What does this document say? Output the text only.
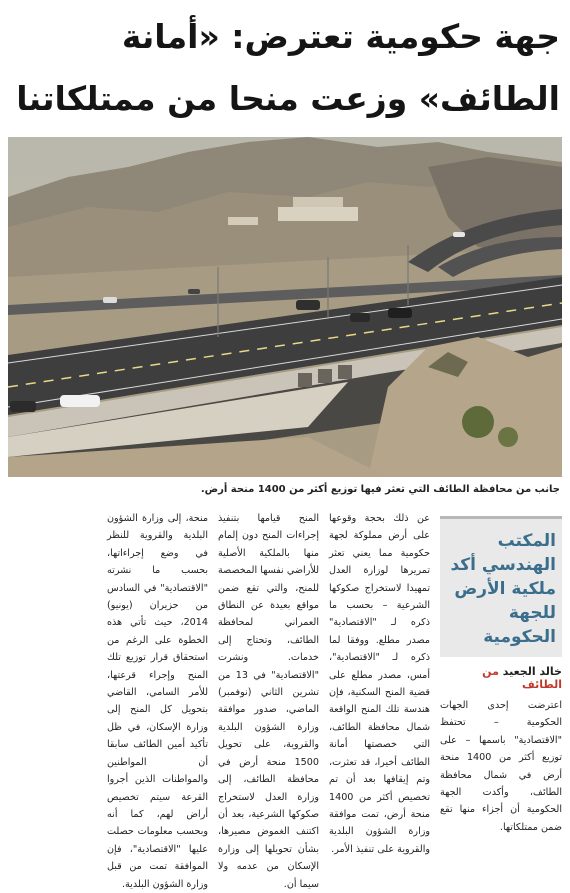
جهة حكومية تعترض: «أمانة الطائف» وزعت منحا من ممتلكاتنا
جانب من محافظة الطائف التي تعثر فيها توزيع أكثر من 1400 منحة أرض.
المكتب الهندسي أكد ملكية الأرض للجهة الحكومية
خالد الجعيد من الطائف
اعترضت إحدى الجهات الحكومية – تحتفظ "الاقتصادية" باسمها – على توزيع أكثر من 1400 منحة أرض في شمال محافظة الطائف، وأكدت الجهة الحكومية أن أجزاء منها تقع ضمن ممتلكاتها.

عن ذلك بحجة وقوعها على أرض مملوكة لجهة حكومية مما يعني تعثر تمريرها لوزارة العدل تمهيدا لاستخراج صكوكها الشرعية – بحسب ما ذكره لـ "الاقتصادية" مصدر مطلع. ووفقا لما ذكره لـ "الاقتصادية"، أمس، مصدر مطلع على قضية المنح السكنية، فإن هندسة تلك المنح الواقعة شمال محافظة الطائف، التي خصصتها أمانة الطائف أخيرا، قد تعثرت، وتم إيقافها بعد أن تم تخصيص أكثر من 1400 منحة أرض، تمت موافقة وزارة الشؤون البلدية والقروية على تنفيذ الأمر.

المنح قيامها بتنفيذ إجراءات المنح دون إلمام منها بالملكية الأصلية للأراضي نفسها المخصصة للمنح، والتي تقع ضمن مواقع بعيدة عن النطاق العمراني لمحافظة الطائف، وتحتاج إلى خدمات. ونشرت "الاقتصادية" في 13 من تشرين الثاني (نوفمبر) الماضي، صدور موافقة وزارة الشؤون البلدية والقروية، على تحويل 1500 منحة أرض في محافظة الطائف، إلى وزارة العدل لاستخراج صكوكها الشرعية، بعد أن اكتنف الغموض مصيرها، بشأن تحويلها إلى وزارة الإسكان من عدمه ولا سيما أن.

منحة، إلى وزارة الشؤون البلدية والقروية للنظر في وضع إجراءاتها، بحسب ما نشرته "الاقتصادية" في السادس من حزيران (يونيو) 2014، حيث تأتي هذه الخطوة على الرغم من استحقاق قرار توزيع تلك المنح وإجراء قرعتها، للأمر السامي، القاضي بتحويل كل المنح إلى وزارة الإسكان، في ظل تأكيد أمين الطائف سابقا أن المواطنين والمواطنات الذين أجروا القرعة سيتم تخصيص أراض لهم، كما أنه وبحسب معلومات حصلت عليها "الاقتصادية"، فإن الموافقة تمت من قبل وزارة الشؤون البلدية.
